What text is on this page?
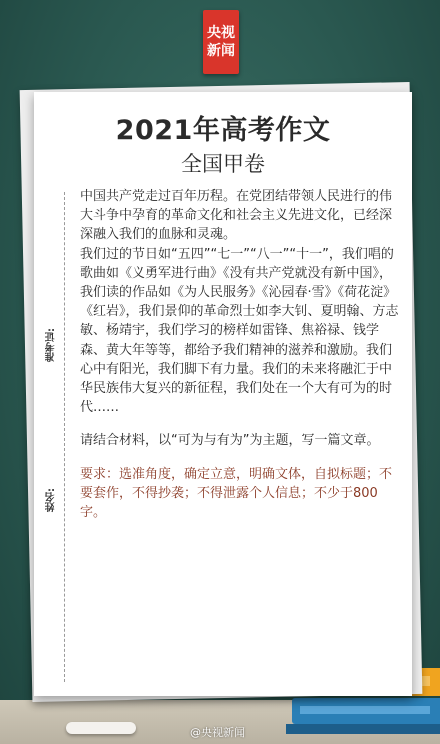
2021年高考作文
全国甲卷
准考证:
姓名:

中国共产党走过百年历程。在党团结带领人民进行的伟大斗争中孕育的革命文化和社会主义先进文化，已经深深融入我们的血脉和灵魂。

我们过的节日如“五四”“七一”“八一”“十一”，我们唱的歌曲如《义勇军进行曲》《没有共产党就没有新中国》，我们读的作品如《为人民服务》《沁园春·雪》《荷花淀》《红岩》，我们景仰的革命烈士如李大钊、夏明翰、方志敏、杨靖宇，我们学习的榜样如雷锋、焦裕禄、钱学森、黄大年等等，都给予我们精神的滋养和激励。我们心中有阳光，我们脚下有力量。我们的未来将融汇于中华民族伟大复兴的新征程，我们处在一个大有可为的时代……

请结合材料，以“可为与有为”为主题，写一篇文章。

要求：选准角度，确定立意，明确文体，自拟标题；不要套作，不得抄袭；不得泄露个人信息；不少于800字。

央视
新闻
@央视新闻
